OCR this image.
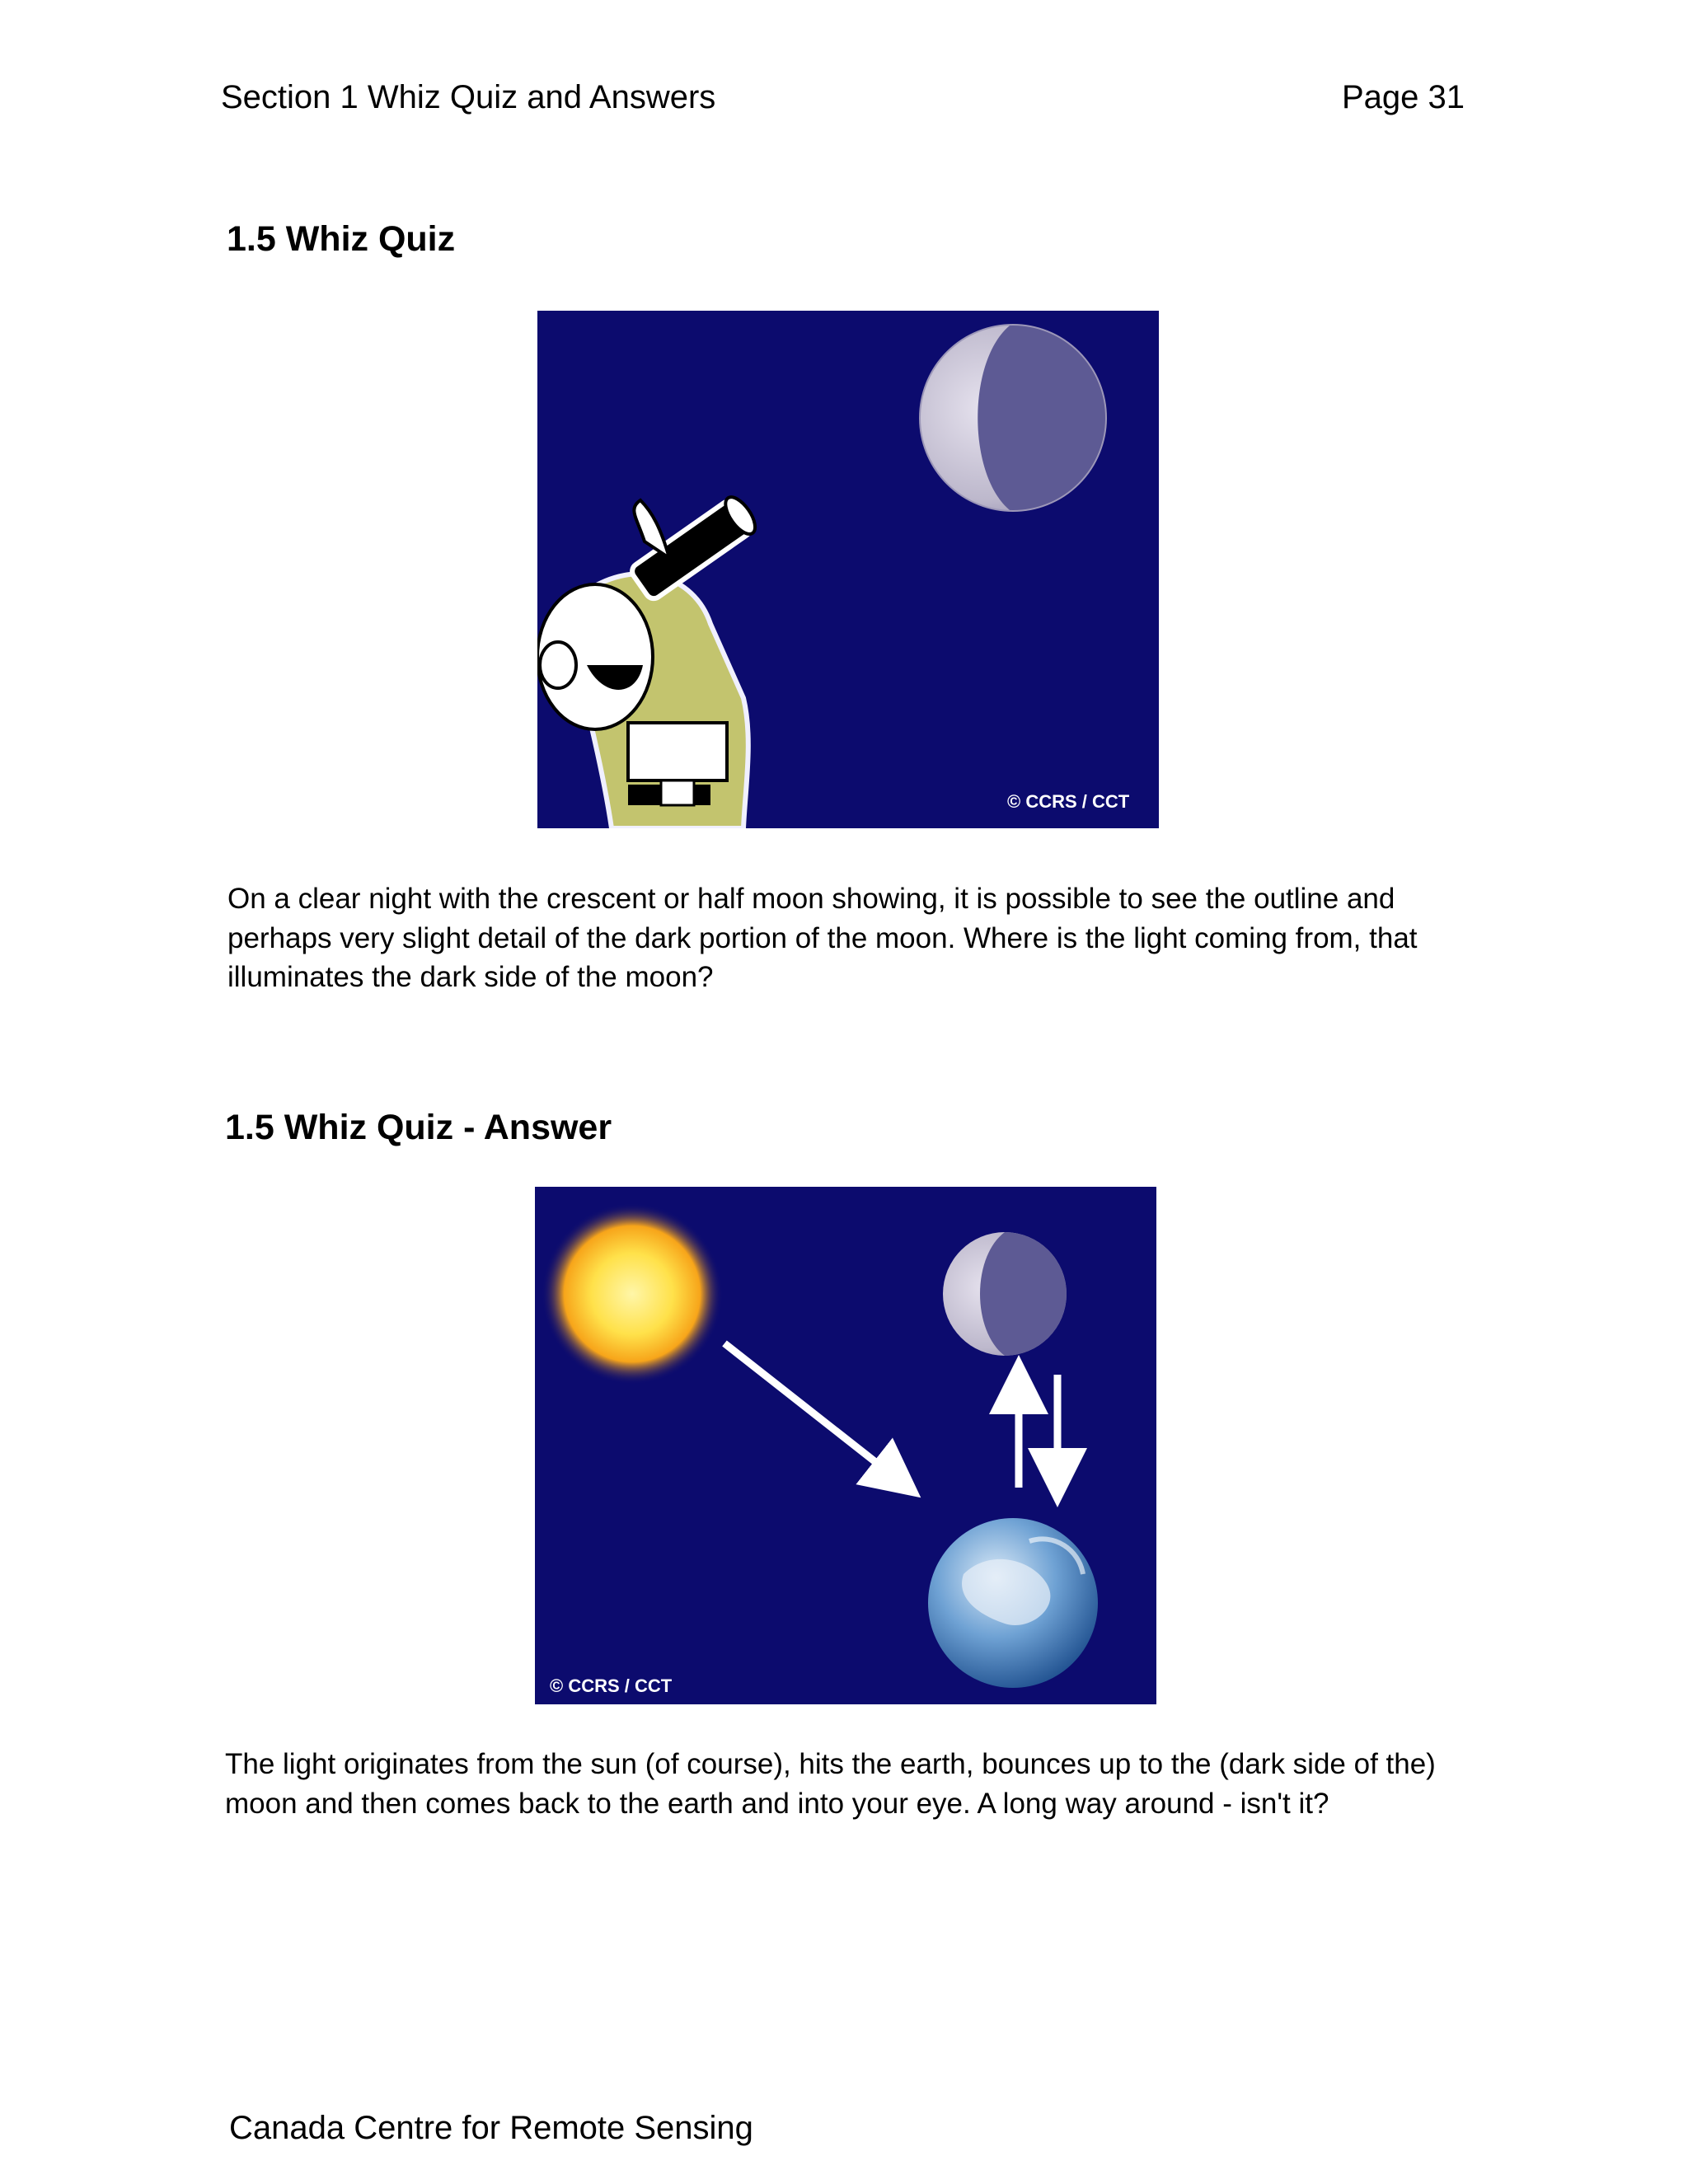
Section 1 Whiz Quiz and Answers	Page 31
1.5 Whiz Quiz
© CCRS / CCT

On a clear night with the crescent or half moon showing, it is possible to see the outline and perhaps very slight detail of the dark portion of the moon. Where is the light coming from, that illuminates the dark side of the moon?

1.5 Whiz Quiz - Answer
© CCRS / CCT

The light originates from the sun (of course), hits the earth, bounces up to the (dark side of the) moon and then comes back to the earth and into your eye. A long way around - isn't it?

Canada Centre for Remote Sensing
